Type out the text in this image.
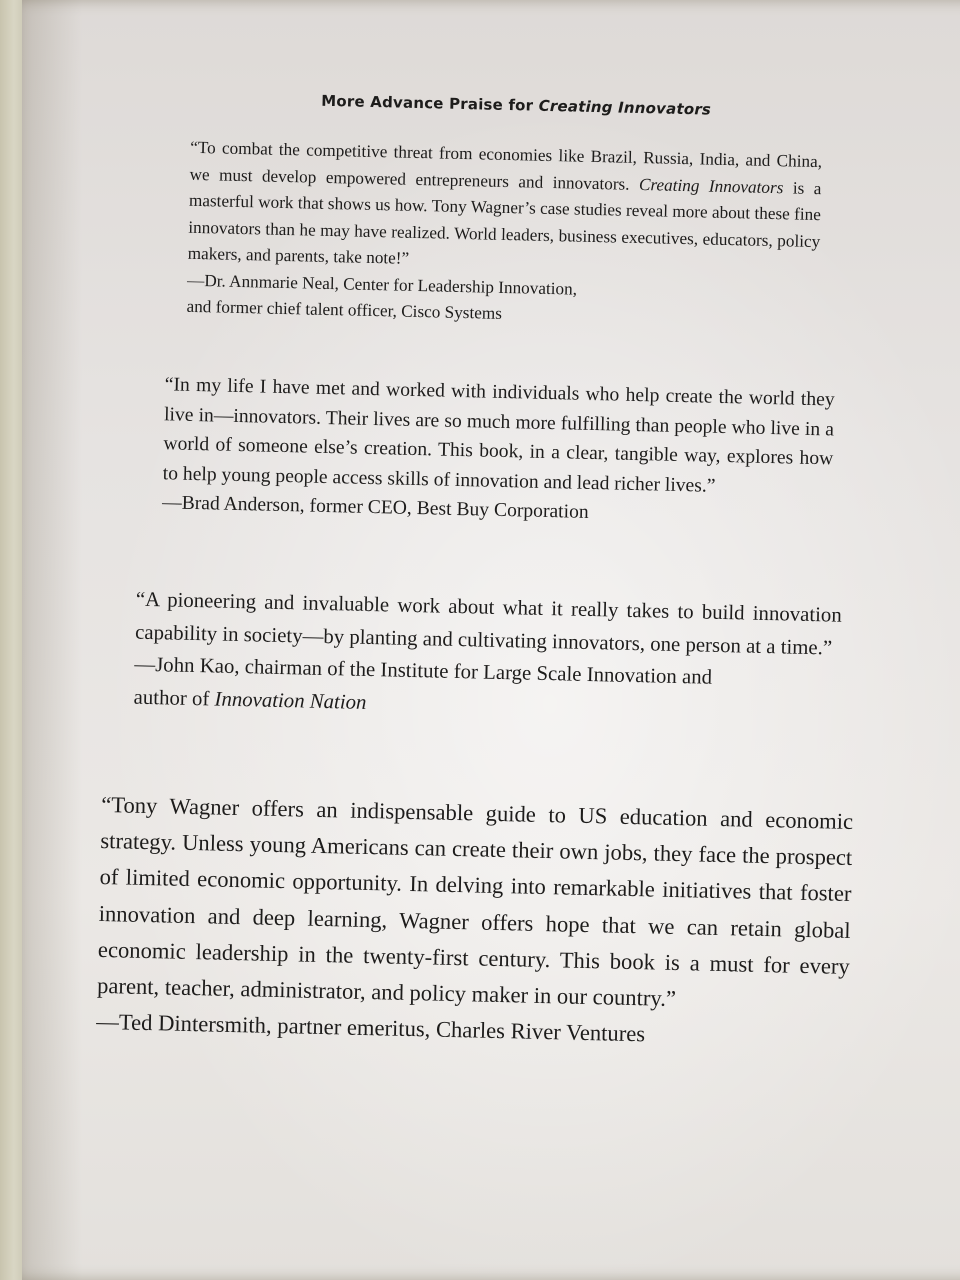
More Advance Praise for Creating Innovators

“To combat the competitive threat from economies like Brazil, Russia, India, and China, we must develop empowered entrepreneurs and innovators. Creating Innovators is a masterful work that shows us how. Tony Wagner’s case studies reveal more about these fine innovators than he may have realized. World leaders, business executives, educators, policy makers, and parents, take note!”

—Dr. Annmarie Neal, Center for Leadership Innovation,
and former chief talent officer, Cisco Systems

“In my life I have met and worked with individuals who help create the world they live in—innovators. Their lives are so much more fulfilling than people who live in a world of someone else’s creation. This book, in a clear, tangible way, explores how to help young people access skills of innovation and lead richer lives.”

—Brad Anderson, former CEO, Best Buy Corporation

“A pioneering and invaluable work about what it really takes to build innovation capability in society—by planting and cultivating innovators, one person at a time.”

—John Kao, chairman of the Institute for Large Scale Innovation and
author of Innovation Nation

“Tony Wagner offers an indispensable guide to US education and economic strategy. Unless young Americans can create their own jobs, they face the prospect of limited economic opportunity. In delving into remarkable initiatives that foster innovation and deep learning, Wagner offers hope that we can retain global economic leadership in the twenty-first century. This book is a must for every parent, teacher, administrator, and policy maker in our country.”

—Ted Dintersmith, partner emeritus, Charles River Ventures
